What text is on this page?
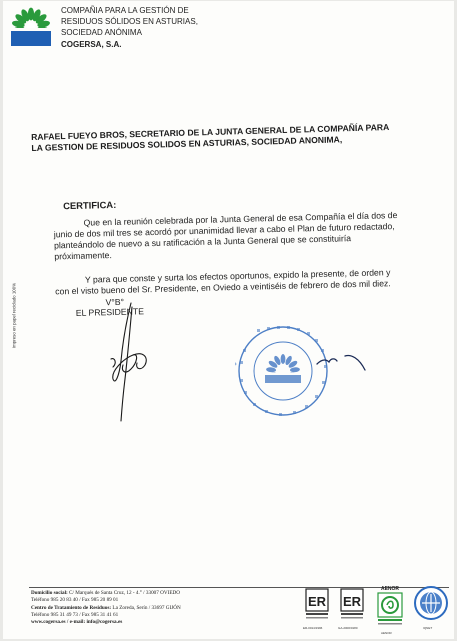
COMPAÑIA PARA LA GESTIÓN DE
RESIDUOS SÓLIDOS EN ASTURIAS,
SOCIEDAD ANÓNIMA
COGERSA, S.A.
Impreso en papel reciclado 100%
RAFAEL FUEYO BROS, SECRETARIO DE LA JUNTA GENERAL DE LA COMPAÑÍA PARA LA GESTION DE RESIDUOS SOLIDOS EN ASTURIAS, SOCIEDAD ANONIMA,
CERTIFICA:

Que en la reunión celebrada por la Junta General de esa Compañía el día dos de junio de dos mil tres se acordó por unanimidad llevar a cabo el Plan de futuro redactado, planteándolo de nuevo a su ratificación a la Junta General que se constituiría próximamente.

Y para que conste y surta los efectos oportunos, expido la presente, de orden y con el visto bueno del Sr. Presidente, en Oviedo a veintiséis de febrero de dos mil diez.

V°B°
EL PRESIDENTE
Domicilio social: C/ Marqués de Santa Cruz, 12 - 4.° / 33007 OVIEDO
Teléfono 985 20 83 40 / Fax 985 20 89 01
Centro de Tratamiento de Residuos: La Zoreda, Serín / 33697 GIJÓN
Teléfono 985 31 49 73 / Fax 985 31 41 61
www.cogersa.es / e-mail: info@cogersa.es
ER ER
AENOR
ER-0014/1996	GA-2000/0180
AENOR
IQNET
